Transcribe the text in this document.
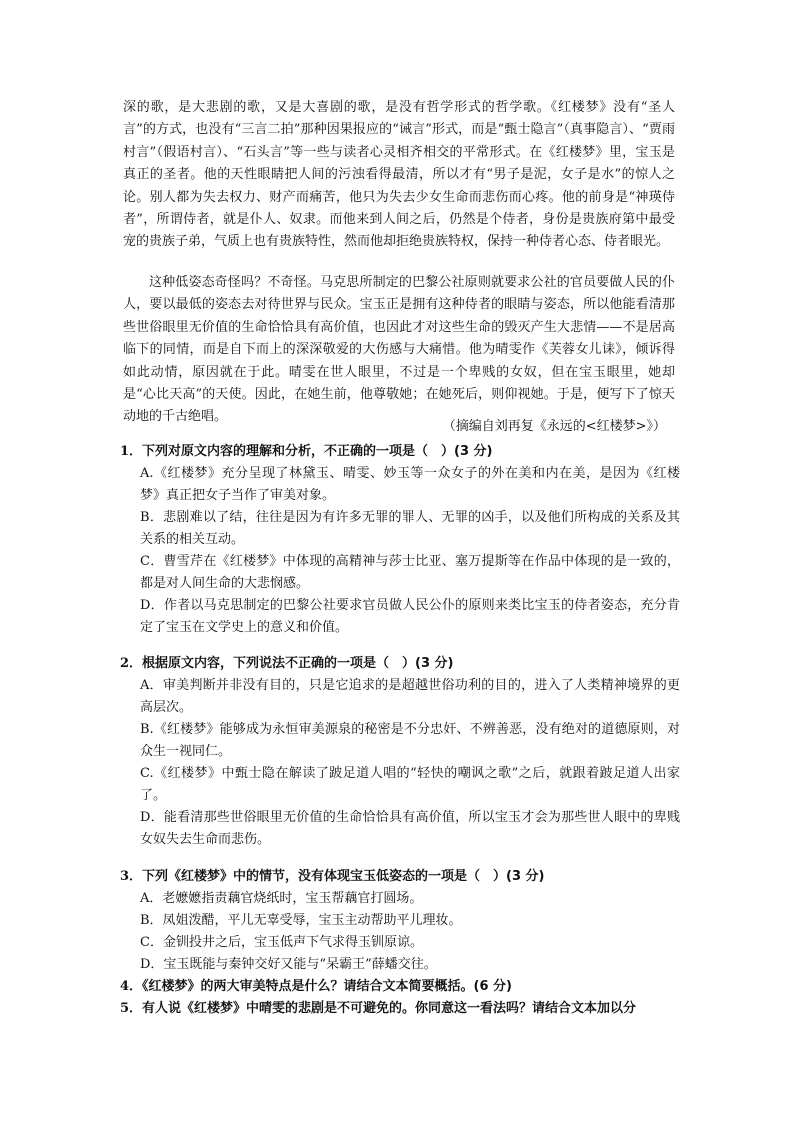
深的歌，是大悲剧的歌，又是大喜剧的歌，是没有哲学形式的哲学歌。《红楼梦》没有“圣人言”的方式，也没有“三言二拍”那种因果报应的“诫言”形式，而是“甄士隐言”（真事隐言）、“贾雨村言”（假语村言）、“石头言”等一些与读者心灵相齐相交的平常形式。在《红楼梦》里，宝玉是真正的圣者。他的天性眼睛把人间的污浊看得最清，所以才有“男子是泥，女子是水”的惊人之论。别人都为失去权力、财产而痛苦，他只为失去少女生命而悲伤而心疼。他的前身是“神瑛侍者”，所谓侍者，就是仆人、奴隶。而他来到人间之后，仍然是个侍者，身份是贵族府第中最受宠的贵族子弟，气质上也有贵族特性，然而他却拒绝贵族特权，保持一种侍者心态、侍者眼光。

这种低姿态奇怪吗？不奇怪。马克思所制定的巴黎公社原则就要求公社的官员要做人民的仆人，要以最低的姿态去对待世界与民众。宝玉正是拥有这种侍者的眼睛与姿态，所以他能看清那些世俗眼里无价值的生命恰恰具有高价值，也因此才对这些生命的毁灭产生大悲情——不是居高临下的同情，而是自下而上的深深敬爱的大伤感与大痛惜。他为晴雯作《芙蓉女儿诔》，倾诉得如此动情，原因就在于此。晴雯在世人眼里，不过是一个卑贱的女奴，但在宝玉眼里，她却是“心比天高”的天使。因此，在她生前，他尊敬她；在她死后，则仰视她。于是，便写下了惊天动地的千古绝唱。

（摘编自刘再复《永远的<红楼梦>》）
1．下列对原文内容的理解和分析，不正确的一项是（　）(3 分)
A.《红楼梦》充分呈现了林黛玉、晴雯、妙玉等一众女子的外在美和内在美，是因为《红楼梦》真正把女子当作了审美对象。
B．悲剧难以了结，往往是因为有许多无罪的罪人、无罪的凶手，以及他们所构成的关系及其关系的相关互动。
C．曹雪芹在《红楼梦》中体现的高精神与莎士比亚、塞万提斯等在作品中体现的是一致的，都是对人间生命的大悲悯感。
D．作者以马克思制定的巴黎公社要求官员做人民公仆的原则来类比宝玉的侍者姿态，充分肯定了宝玉在文学史上的意义和价值。
2．根据原文内容，下列说法不正确的一项是（　）(3 分)
A．审美判断并非没有目的，只是它追求的是超越世俗功利的目的，进入了人类精神境界的更高层次。
B.《红楼梦》能够成为永恒审美源泉的秘密是不分忠奸、不辨善恶，没有绝对的道德原则，对众生一视同仁。
C.《红楼梦》中甄士隐在解读了跛足道人唱的“轻快的嘲讽之歌”之后，就跟着跛足道人出家了。
D．能看清那些世俗眼里无价值的生命恰恰具有高价值，所以宝玉才会为那些世人眼中的卑贱女奴失去生命而悲伤。
3．下列《红楼梦》中的情节，没有体现宝玉低姿态的一项是（　）(3 分)
A．老嬷嬷指责藕官烧纸时，宝玉帮藕官打圆场。
B．凤姐泼醋，平儿无辜受辱，宝玉主动帮助平儿理妆。
C．金钏投井之后，宝玉低声下气求得玉钏原谅。
D．宝玉既能与秦钟交好又能与“呆霸王”薛蟠交往。
4．《红楼梦》的两大审美特点是什么？请结合文本简要概括。(6 分)
5．有人说《红楼梦》中晴雯的悲剧是不可避免的。你同意这一看法吗？请结合文本加以分
